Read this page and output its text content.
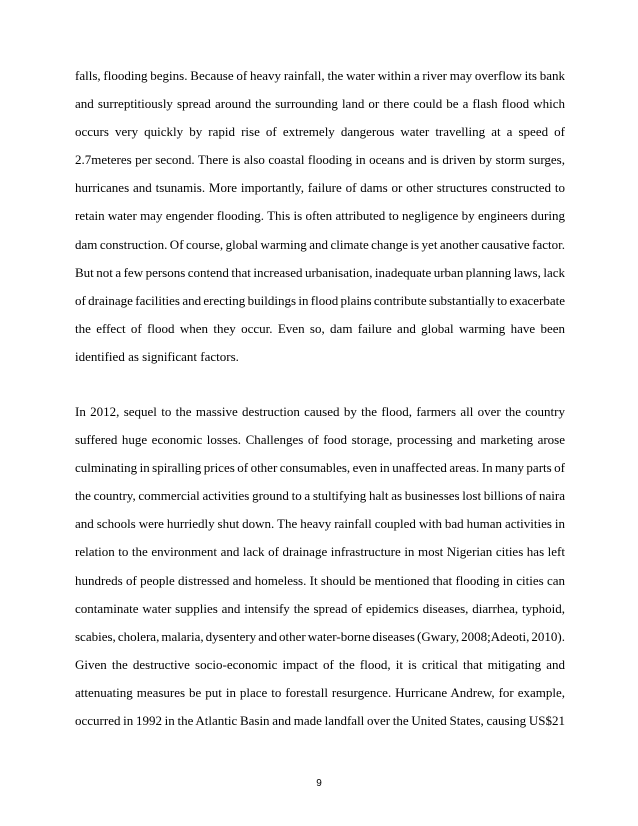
falls, flooding begins. Because of heavy rainfall, the water within a river may overflow its bank
and surreptitiously spread around the surrounding land or there could be a flash flood which
occurs very quickly by rapid rise of extremely dangerous water travelling at a speed of
2.7meteres per second. There is also coastal flooding in oceans and is driven by storm surges,
hurricanes and tsunamis. More importantly, failure of dams or other structures constructed to
retain water may engender flooding. This is often attributed to negligence by engineers during
dam construction. Of course, global warming and climate change is yet another causative factor.
But not a few persons contend that increased urbanisation, inadequate urban planning laws, lack
of drainage facilities and erecting buildings in flood plains contribute substantially to exacerbate
the effect of flood when they occur. Even so, dam failure and global warming have been
identified as significant factors.
In 2012, sequel to the massive destruction caused by the flood, farmers all over the country
suffered huge economic losses. Challenges of food storage, processing and marketing arose
culminating in spiralling prices of other consumables, even in unaffected areas. In many parts of
the country, commercial activities ground to a stultifying halt as businesses lost billions of naira
and schools were hurriedly shut down. The heavy rainfall coupled with bad human activities in
relation to the environment and lack of drainage infrastructure in most Nigerian cities has left
hundreds of people distressed and homeless. It should be mentioned that flooding in cities can
contaminate water supplies and intensify the spread of epidemics diseases, diarrhea, typhoid,
scabies, cholera, malaria, dysentery and other water-borne diseases (Gwary, 2008;Adeoti, 2010).
Given the destructive socio-economic impact of the flood, it is critical that mitigating and
attenuating measures be put in place to forestall resurgence. Hurricane Andrew, for example,
occurred in 1992 in the Atlantic Basin and made landfall over the United States, causing US$21
9
